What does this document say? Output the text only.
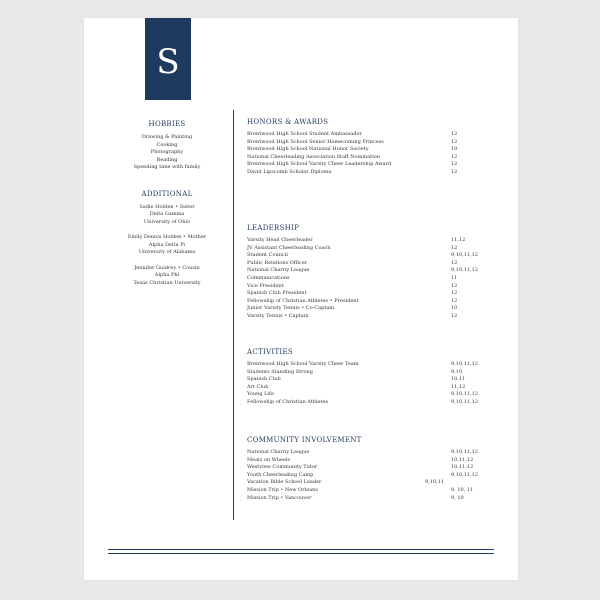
S
HOBBIES
Drawing & Painting
Cooking
Photography
Reading
Spending time with family
ADDITIONAL
Sadie Holden • Sister
Delta Gamma
University of Ohio
Emily Dennis Holden • Mother
Alpha Delta Pi
University of Alabama
Jennifer Guidrey • Cousin
Alpha Phi
Texas Christian University
HONORS & AWARDS
Brentwood High School Student Ambassador	12
Brentwood High School Senior Homecoming Princess	12
Brentwood High School National Honor Society	10
National Cheerleading Association Staff Nomination	12
Brentwood High School Varsity Cheer Leadership Award	12
David Lipscomb Scholar Diploma	12
LEADERSHIP
Varsity Head Cheerleader	11,12
JV Assistant Cheerleading Coach	12
Student Council	9,10,11,12
Public Relations Officer	12
National Charity League	9,10,11,12
Communications	11
Vice President	12
Spanish Club President	12
Fellowship of Christian Athletes • President	12
Junior Varsity Tennis • Co-Captain	10
Varsity Tennis • Captain	12
ACTIVITIES
Brentwood High School Varsity Cheer Team	9,10,11,12
Students Standing Strong	9,10
Spanish Club	10,11
Art Club	11,12
Young Life	9,10,11,12
Fellowship of Christian Athletes	9,10,11,12
COMMUNITY INVOLVEMENT
National Charity League	9,10,11,12
Meals on Wheels	10,11,12
Westview Community Tutor	10,11,12
Youth Cheerleading Camp	9,10,11,12
Vacation Bible School Leader	9,10,11
Mission Trip • New Orleans	9, 10, 11
Mission Trip • Vancouver	9, 10
